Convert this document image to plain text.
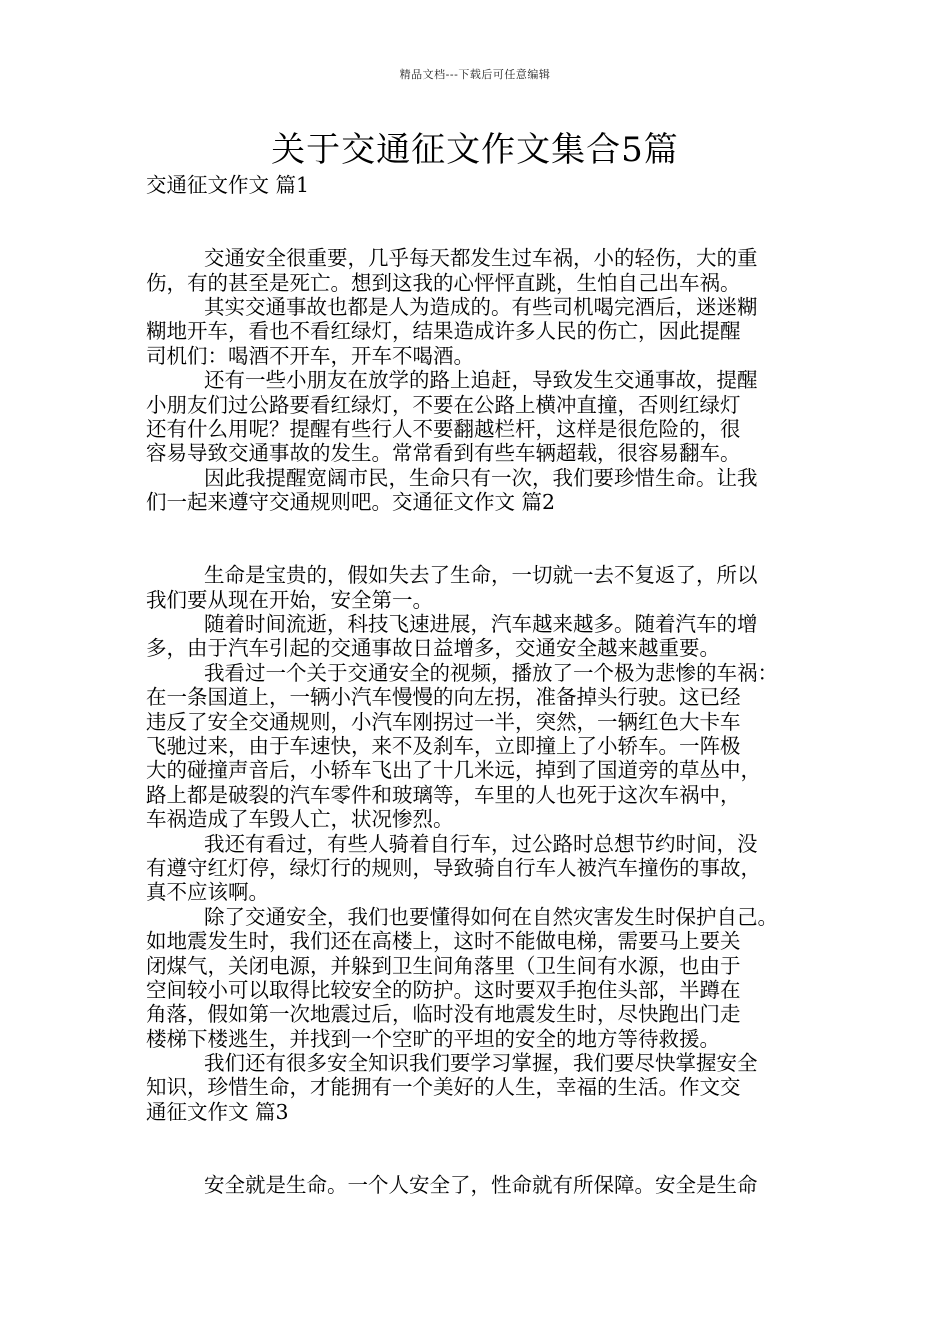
精品文档---下载后可任意编辑
关于交通征文作文集合5篇
交通征文作文 篇1
交通安全很重要，几乎每天都发生过车祸，小的轻伤，大的重
伤，有的甚至是死亡。想到这我的心怦怦直跳，生怕自己出车祸。
其实交通事故也都是人为造成的。有些司机喝完酒后，迷迷糊
糊地开车，看也不看红绿灯，结果造成许多人民的伤亡，因此提醒
司机们：喝酒不开车，开车不喝酒。
还有一些小朋友在放学的路上追赶，导致发生交通事故，提醒
小朋友们过公路要看红绿灯，不要在公路上横冲直撞，否则红绿灯
还有什么用呢？提醒有些行人不要翻越栏杆，这样是很危险的，很
容易导致交通事故的发生。常常看到有些车辆超载，很容易翻车。
因此我提醒宽阔市民，生命只有一次，我们要珍惜生命。让我
们一起来遵守交通规则吧。交通征文作文 篇2
生命是宝贵的，假如失去了生命，一切就一去不复返了，所以
我们要从现在开始，安全第一。
随着时间流逝，科技飞速进展，汽车越来越多。随着汽车的增
多，由于汽车引起的交通事故日益增多，交通安全越来越重要。
我看过一个关于交通安全的视频，播放了一个极为悲惨的车祸：
在一条国道上，一辆小汽车慢慢的向左拐，准备掉头行驶。这已经
违反了安全交通规则，小汽车刚拐过一半，突然，一辆红色大卡车
飞驰过来，由于车速快，来不及刹车，立即撞上了小轿车。一阵极
大的碰撞声音后，小轿车飞出了十几米远，掉到了国道旁的草丛中，
路上都是破裂的汽车零件和玻璃等，车里的人也死于这次车祸中，
车祸造成了车毁人亡，状况惨烈。
我还有看过，有些人骑着自行车，过公路时总想节约时间，没
有遵守红灯停，绿灯行的规则，导致骑自行车人被汽车撞伤的事故，
真不应该啊。
除了交通安全，我们也要懂得如何在自然灾害发生时保护自己。
如地震发生时，我们还在高楼上，这时不能做电梯，需要马上要关
闭煤气，关闭电源，并躲到卫生间角落里（卫生间有水源，也由于
空间较小可以取得比较安全的防护。这时要双手抱住头部，半蹲在
角落，假如第一次地震过后，临时没有地震发生时，尽快跑出门走
楼梯下楼逃生，并找到一个空旷的平坦的安全的地方等待救援。
我们还有很多安全知识我们要学习掌握，我们要尽快掌握安全
知识，珍惜生命，才能拥有一个美好的人生，幸福的生活。作文交
通征文作文 篇3
安全就是生命。一个人安全了，性命就有所保障。安全是生命
